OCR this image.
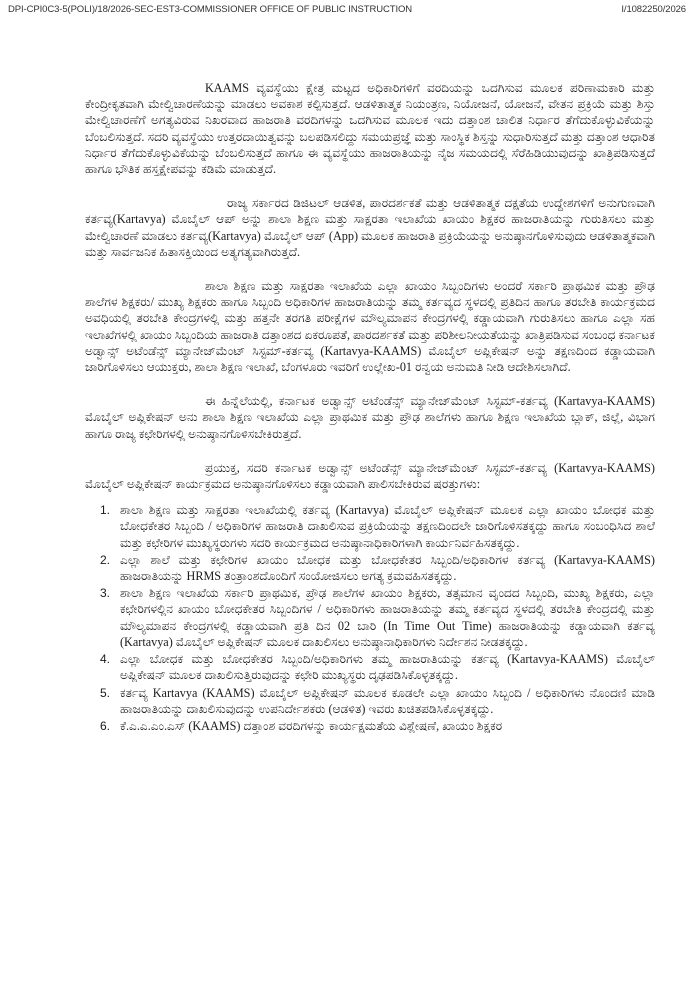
DPI-CPI0C3-5(POLI)/18/2026-SEC-EST3-COMMISSIONER OFFICE OF PUBLIC INSTRUCTION	I/1082250/2026

KAAMS ವ್ಯವಸ್ಥೆಯು ಕ್ಷೇತ್ರ ಮಟ್ಟದ ಅಧಿಕಾರಿಗಳಿಗೆ ವರದಿಯನ್ನು ಒದಗಿಸುವ ಮೂಲಕ ಪರಿಣಾಮಕಾರಿ ಮತ್ತು ಕೇಂದ್ರೀಕೃತವಾಗಿ ಮೇಲ್ವಿಚಾರಣೆಯನ್ನು ಮಾಡಲು ಅವಕಾಶ ಕಲ್ಪಿಸುತ್ತದೆ. ಆಡಳಿತಾತ್ಮಕ ನಿಯಂತ್ರಣ, ನಿಯೋಜನೆ, ಯೋಜನೆ, ವೇತನ ಪ್ರಕ್ರಿಯೆ ಮತ್ತು ಶಿಸ್ತು ಮೇಲ್ವಿಚಾರಣೆಗೆ ಅಗತ್ಯವಿರುವ ನಿಖರವಾದ ಹಾಜರಾತಿ ವರದಿಗಳನ್ನು ಒದಗಿಸುವ ಮೂಲಕ ಇದು ದತ್ತಾಂಶ ಚಾಲಿತ ನಿರ್ಧಾರ ತೆಗೆದುಕೊಳ್ಳುವಿಕೆಯನ್ನು ಬೆಂಬಲಿಸುತ್ತದೆ. ಸದರಿ ವ್ಯವಸ್ಥೆಯು ಉತ್ತರದಾಯಿತ್ವವನ್ನು ಬಲಪಡಿಸಲಿದ್ದು ಸಮಯಪ್ರಜ್ಞೆ ಮತ್ತು ಸಾಂಸ್ಥಿಕ ಶಿಸ್ತನ್ನು ಸುಧಾರಿಸುತ್ತದೆ ಮತ್ತು ದತ್ತಾಂಶ ಆಧಾರಿತ ನಿರ್ಧಾರ ತೆಗೆದುಕೊಳ್ಳುವಿಕೆಯನ್ನು ಬೆಂಬಲಿಸುತ್ತದೆ ಹಾಗೂ ಈ ವ್ಯವಸ್ಥೆಯು ಹಾಜರಾತಿಯನ್ನು ನೈಜ ಸಮಯದಲ್ಲಿ ಸೆರೆಹಿಡಿಯುವುದನ್ನು ಖಾತ್ರಿಪಡಿಸುತ್ತದೆ ಹಾಗೂ ಭೌತಿಕ ಹಸ್ತಕ್ಷೇಪವನ್ನು ಕಡಿಮೆ ಮಾಡುತ್ತದೆ.

ರಾಜ್ಯ ಸರ್ಕಾರದ ಡಿಜಿಟಲ್ ಆಡಳಿತ, ಪಾರದರ್ಶಕತೆ ಮತ್ತು ಆಡಳಿತಾತ್ಮಕ ದಕ್ಷತೆಯ ಉದ್ದೇಶಗಳಿಗೆ ಅನುಗುಣವಾಗಿ ಕರ್ತವ್ಯ(Kartavya) ಮೊಬೈಲ್ ಆಪ್ ಅನ್ನು ಶಾಲಾ ಶಿಕ್ಷಣ ಮತ್ತು ಸಾಕ್ಷರತಾ ಇಲಾಖೆಯ ಖಾಯಂ ಶಿಕ್ಷಕರ ಹಾಜರಾತಿಯನ್ನು ಗುರುತಿಸಲು ಮತ್ತು ಮೇಲ್ವಿಚಾರಣೆ ಮಾಡಲು ಕರ್ತವ್ಯ(Kartavya) ಮೊಬೈಲ್ ಆಪ್ (App) ಮೂಲಕ ಹಾಜರಾತಿ ಪ್ರಕ್ರಿಯೆಯನ್ನು ಅನುಷ್ಠಾನಗೊಳಿಸುವುದು ಆಡಳಿತಾತ್ಮಕವಾಗಿ ಮತ್ತು ಸಾರ್ವಜನಿಕ ಹಿತಾಸಕ್ತಿಯಿಂದ ಅತ್ಯಗತ್ಯವಾಗಿರುತ್ತದೆ.

ಶಾಲಾ ಶಿಕ್ಷಣ ಮತ್ತು ಸಾಕ್ಷರತಾ ಇಲಾಖೆಯ ಎಲ್ಲಾ ಖಾಯಂ ಸಿಬ್ಬಂದಿಗಳು ಅಂದರೆ ಸರ್ಕಾರಿ ಪ್ರಾಥಮಿಕ ಮತ್ತು ಪ್ರೌಢ ಶಾಲೆಗಳ ಶಿಕ್ಷಕರು/ ಮುಖ್ಯ ಶಿಕ್ಷಕರು ಹಾಗೂ ಸಿಬ್ಬಂದಿ ಅಧಿಕಾರಿಗಳ ಹಾಜರಾತಿಯನ್ನು ತಮ್ಮ ಕರ್ತವ್ಯದ ಸ್ಥಳದಲ್ಲಿ ಪ್ರತಿದಿನ ಹಾಗೂ ತರಬೇತಿ ಕಾರ್ಯಕ್ರಮದ ಅವಧಿಯಲ್ಲಿ ತರಬೇತಿ ಕೇಂದ್ರಗಳಲ್ಲಿ ಮತ್ತು ಹತ್ತನೇ ತರಗತಿ ಪರೀಕ್ಷೆಗಳ ಮೌಲ್ಯಮಾಪನ ಕೇಂದ್ರಗಳಲ್ಲಿ ಕಡ್ಡಾಯವಾಗಿ ಗುರುತಿಸಲು ಹಾಗೂ ಎಲ್ಲಾ ಸಹ ಇಲಾಖೆಗಳಲ್ಲಿ ಖಾಯಂ ಸಿಬ್ಬಂದಿಯ ಹಾಜರಾತಿ ದತ್ತಾಂಶದ ಏಕರೂಪತೆ, ಪಾರದರ್ಶಕತೆ ಮತ್ತು ಪರಿಶೀಲನೀಯತೆಯನ್ನು ಖಾತ್ರಿಪಡಿಸುವ ಸಂಬಂಧ ಕರ್ನಾಟಕ ಅಡ್ವಾನ್ಸ್ ಅಟೆಂಡೆನ್ಸ್ ಮ್ಯಾನೇಜ್‌ಮೆಂಟ್ ಸಿಸ್ಟಮ್-ಕರ್ತವ್ಯ (Kartavya-KAAMS) ಮೊಬೈಲ್ ಅಪ್ಲಿಕೇಷನ್ ಅನ್ನು ತಕ್ಷಣದಿಂದ ಕಡ್ಡಾಯವಾಗಿ ಜಾರಿಗೊಳಿಸಲು ಆಯುಕ್ತರು, ಶಾಲಾ ಶಿಕ್ಷಣ ಇಲಾಖೆ, ಬೆಂಗಳೂರು ಇವರಿಗೆ ಉಲ್ಲೇಖ-01 ರನ್ವಯ ಅನುಮತಿ ನೀಡಿ ಆದೇಶಿಸಲಾಗಿದೆ.

ಈ ಹಿನ್ನೆಲೆಯಲ್ಲಿ, ಕರ್ನಾಟಕ ಅಡ್ವಾನ್ಸ್ ಅಟೆಂಡೆನ್ಸ್ ಮ್ಯಾನೇಜ್‌ಮೆಂಟ್ ಸಿಸ್ಟಮ್-ಕರ್ತವ್ಯ (Kartavya-KAAMS) ಮೊಬೈಲ್ ಅಪ್ಲಿಕೇಷನ್ ಅನು ಶಾಲಾ ಶಿಕ್ಷಣ ಇಲಾಖೆಯ ಎಲ್ಲಾ ಪ್ರಾಥಮಿಕ ಮತ್ತು ಪ್ರೌಢ ಶಾಲೆಗಳು ಹಾಗೂ ಶಿಕ್ಷಣ ಇಲಾಖೆಯ ಬ್ಲಾಕ್, ಜಿಲ್ಲೆ, ವಿಭಾಗ ಹಾಗೂ ರಾಜ್ಯ ಕಛೇರಿಗಳಲ್ಲಿ ಅನುಷ್ಠಾನಗೊಳಿಸಬೇಕಿರುತ್ತದೆ.

ಪ್ರಯುಕ್ತ, ಸದರಿ ಕರ್ನಾಟಕ ಅಡ್ವಾನ್ಸ್ ಅಟೆಂಡೆನ್ಸ್ ಮ್ಯಾನೇಜ್‌ಮೆಂಟ್ ಸಿಸ್ಟಮ್-ಕರ್ತವ್ಯ (Kartavya-KAAMS) ಮೊಬೈಲ್ ಅಪ್ಲಿಕೇಷನ್ ಕಾರ್ಯಕ್ರಮದ ಅನುಷ್ಠಾನಗೊಳಿಸಲು ಕಡ್ಡಾಯವಾಗಿ ಪಾಲಿಸಬೇಕಿರುವ ಷರತ್ತುಗಳು:

1. ಶಾಲಾ ಶಿಕ್ಷಣ ಮತ್ತು ಸಾಕ್ಷರತಾ ಇಲಾಖೆಯಲ್ಲಿ ಕರ್ತವ್ಯ (Kartavya) ಮೊಬೈಲ್ ಅಪ್ಲಿಕೇಷನ್ ಮೂಲಕ ಎಲ್ಲಾ ಖಾಯಂ ಬೋಧಕ ಮತ್ತು ಬೋಧಕೇತರ ಸಿಬ್ಬಂದಿ / ಅಧಿಕಾರಿಗಳ ಹಾಜರಾತಿ ದಾಖಲಿಸುವ ಪ್ರಕ್ರಿಯೆಯನ್ನು ತಕ್ಷಣದಿಂದಲೇ ಜಾರಿಗೊಳಿಸತಕ್ಕದ್ದು ಹಾಗೂ ಸಂಬಂಧಿಸಿದ ಶಾಲೆ ಮತ್ತು ಕಛೇರಿಗಳ ಮುಖ್ಯಸ್ಥರುಗಳು ಸದರಿ ಕಾರ್ಯಕ್ರಮದ ಅನುಷ್ಠಾನಾಧಿಕಾರಿಗಳಾಗಿ ಕಾರ್ಯನಿರ್ವಹಿಸತಕ್ಕದ್ದು.
2. ಎಲ್ಲಾ ಶಾಲೆ ಮತ್ತು ಕಛೇರಿಗಳ ಖಾಯಂ ಬೋಧಕ ಮತ್ತು ಬೋಧಕೇತರ ಸಿಬ್ಬಂದಿ/ಅಧಿಕಾರಿಗಳ ಕರ್ತವ್ಯ (Kartavya-KAAMS) ಹಾಜರಾತಿಯನ್ನು HRMS ತಂತ್ರಾಂಶದೊಂದಿಗೆ ಸಂಯೋಜಿಸಲು ಅಗತ್ಯ ಕ್ರಮವಹಿಸತಕ್ಕದ್ದು.
3. ಶಾಲಾ ಶಿಕ್ಷಣ ಇಲಾಖೆಯ ಸರ್ಕಾರಿ ಪ್ರಾಥಮಿಕ, ಪ್ರೌಢ ಶಾಲೆಗಳ ಖಾಯಂ ಶಿಕ್ಷಕರು, ತತ್ಸಮಾನ ವೃಂದದ ಸಿಬ್ಬಂದಿ, ಮುಖ್ಯ ಶಿಕ್ಷಕರು, ಎಲ್ಲಾ ಕಛೇರಿಗಳಲ್ಲಿನ ಖಾಯಂ ಬೋಧಕೇತರ ಸಿಬ್ಬಂದಿಗಳ / ಅಧಿಕಾರಿಗಳು ಹಾಜರಾತಿಯನ್ನು ತಮ್ಮ ಕರ್ತವ್ಯದ ಸ್ಥಳದಲ್ಲಿ ತರಬೇತಿ ಕೇಂದ್ರದಲ್ಲಿ ಮತ್ತು ಮೌಲ್ಯಮಾಪನ ಕೇಂದ್ರಗಳಲ್ಲಿ ಕಡ್ಡಾಯವಾಗಿ ಪ್ರತಿ ದಿನ 02 ಬಾರಿ (In Time Out Time) ಹಾಜರಾತಿಯನ್ನು ಕಡ್ಡಾಯವಾಗಿ ಕರ್ತವ್ಯ (Kartavya) ಮೊಬೈಲ್ ಅಪ್ಲಿಕೇಷನ್ ಮೂಲಕ ದಾಖಲಿಸಲು ಅನುಷ್ಠಾನಾಧಿಕಾರಿಗಳು ನಿರ್ದೇಶನ ನೀಡತಕ್ಕದ್ದು.
4. ಎಲ್ಲಾ ಬೋಧಕ ಮತ್ತು ಬೋಧಕೇತರ ಸಿಬ್ಬಂದಿ/ಅಧಿಕಾರಿಗಳು ತಮ್ಮ ಹಾಜರಾತಿಯನ್ನು ಕರ್ತವ್ಯ (Kartavya-KAAMS) ಮೊಬೈಲ್ ಅಪ್ಲಿಕೇಷನ್ ಮೂಲಕ ದಾಖಲಿಸುತ್ತಿರುವುದನ್ನು ಕಛೇರಿ ಮುಖ್ಯಸ್ಥರು ದೃಢಪಡಿಸಿಕೊಳ್ಳತಕ್ಕದ್ದು.
5. ಕರ್ತವ್ಯ Kartavya (KAAMS) ಮೊಬೈಲ್ ಅಪ್ಲಿಕೇಷನ್ ಮೂಲಕ ಕೂಡಲೇ ಎಲ್ಲಾ ಖಾಯಂ ಸಿಬ್ಬಂದಿ / ಅಧಿಕಾರಿಗಳು ನೊಂದಣಿ ಮಾಡಿ ಹಾಜರಾತಿಯನ್ನು ದಾಖಲಿಸುವುದನ್ನು ಉಪನಿರ್ದೇಶಕರು (ಆಡಳಿತ) ಇವರು ಖಚಿತಪಡಿಸಿಕೊಳ್ಳತಕ್ಕದ್ದು.
6. ಕೆ.ಎ.ಎ.ಎಂ.ಎಸ್ (KAAMS) ದತ್ತಾಂಶ ವರದಿಗಳನ್ನು ಕಾರ್ಯಕ್ಷಮತೆಯ ವಿಶ್ಲೇಷಣೆ, ಖಾಯಂ ಶಿಕ್ಷಕರ
